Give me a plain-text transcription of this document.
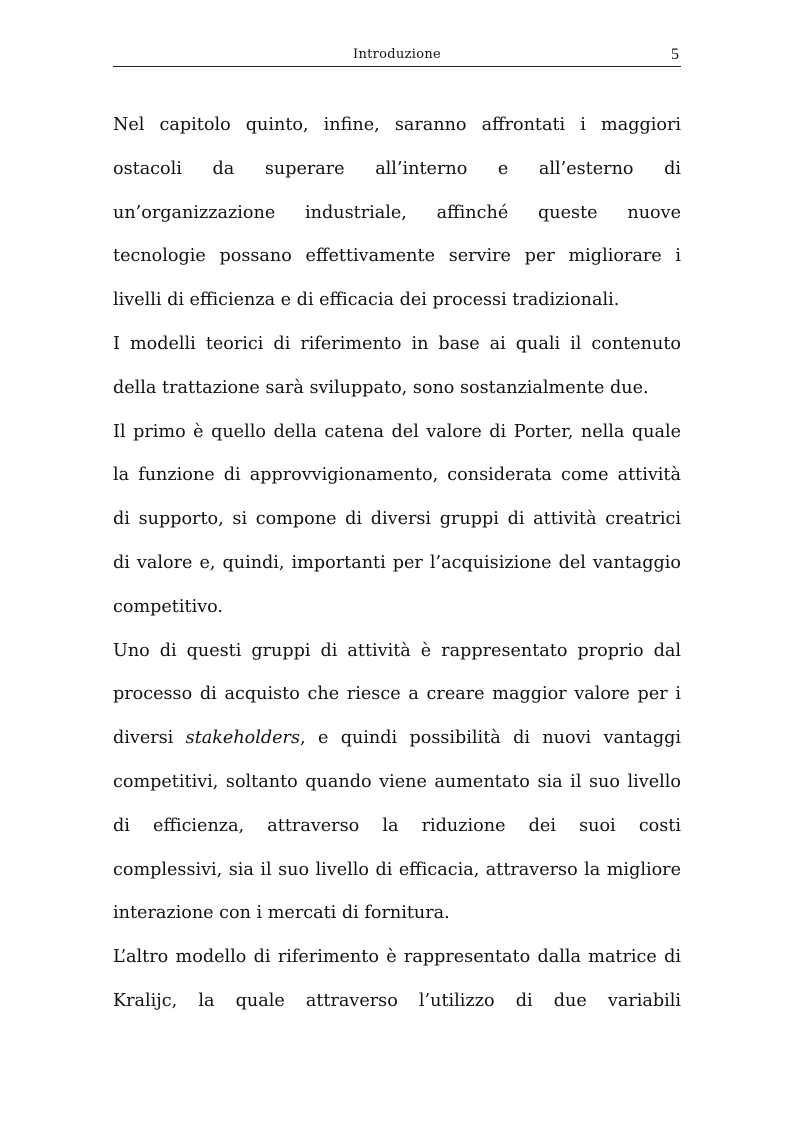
Introduzione	5
Nel capitolo quinto, infine, saranno affrontati i maggiori
ostacoli da superare all’interno e all’esterno di
un’organizzazione industriale, affinché queste nuove
tecnologie possano effettivamente servire per migliorare i
livelli di efficienza e di efficacia dei processi tradizionali.
I modelli teorici di riferimento in base ai quali il contenuto
della trattazione sarà sviluppato, sono sostanzialmente due.
Il primo è quello della catena del valore di Porter, nella quale
la funzione di approvvigionamento, considerata come attività
di supporto, si compone di diversi gruppi di attività creatrici
di valore e, quindi, importanti per l’acquisizione del vantaggio
competitivo.
Uno di questi gruppi di attività è rappresentato proprio dal
processo di acquisto che riesce a creare maggior valore per i
diversi stakeholders, e quindi possibilità di nuovi vantaggi
competitivi, soltanto quando viene aumentato sia il suo livello
di efficienza, attraverso la riduzione dei suoi costi
complessivi, sia il suo livello di efficacia, attraverso la migliore
interazione con i mercati di fornitura.
L’altro modello di riferimento è rappresentato dalla matrice di
Kralijc, la quale attraverso l’utilizzo di due variabili
